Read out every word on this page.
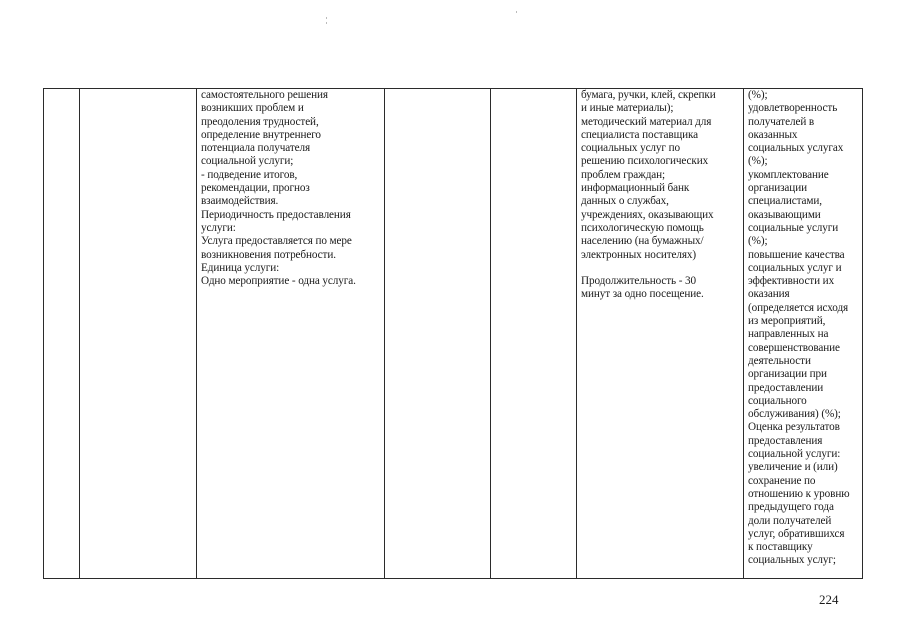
самостоятельного решения
возникших проблем и
преодоления трудностей,
определение внутреннего
потенциала получателя
социальной услуги;
- подведение итогов,
рекомендации, прогноз
взаимодействия.
Периодичность предоставления
услуги:
Услуга предоставляется по мере
возникновения потребности.
Единица услуги:
Одно мероприятие - одна услуга.
бумага, ручки, клей, скрепки
и иные материалы);
методический материал для
специалиста поставщика
социальных услуг по
решению психологических
проблем граждан;
информационный банк
данных о службах,
учреждениях, оказывающих
психологическую помощь
населению (на бумажных/
электронных носителях)

Продолжительность - 30
минут за одно посещение.
(%);
удовлетворенность
получателей в
оказанных
социальных услугах
(%);
укомплектование
организации
специалистами,
оказывающими
социальные услуги
(%);
повышение качества
социальных услуг и
эффективности их
оказания
(определяется исходя
из мероприятий,
направленных на
совершенствование
деятельности
организации при
предоставлении
социального
обслуживания) (%);
Оценка результатов
предоставления
социальной услуги:
увеличение и (или)
сохранение по
отношению к уровню
предыдущего года
доли получателей
услуг, обратившихся
к поставщику
социальных услуг;
224
